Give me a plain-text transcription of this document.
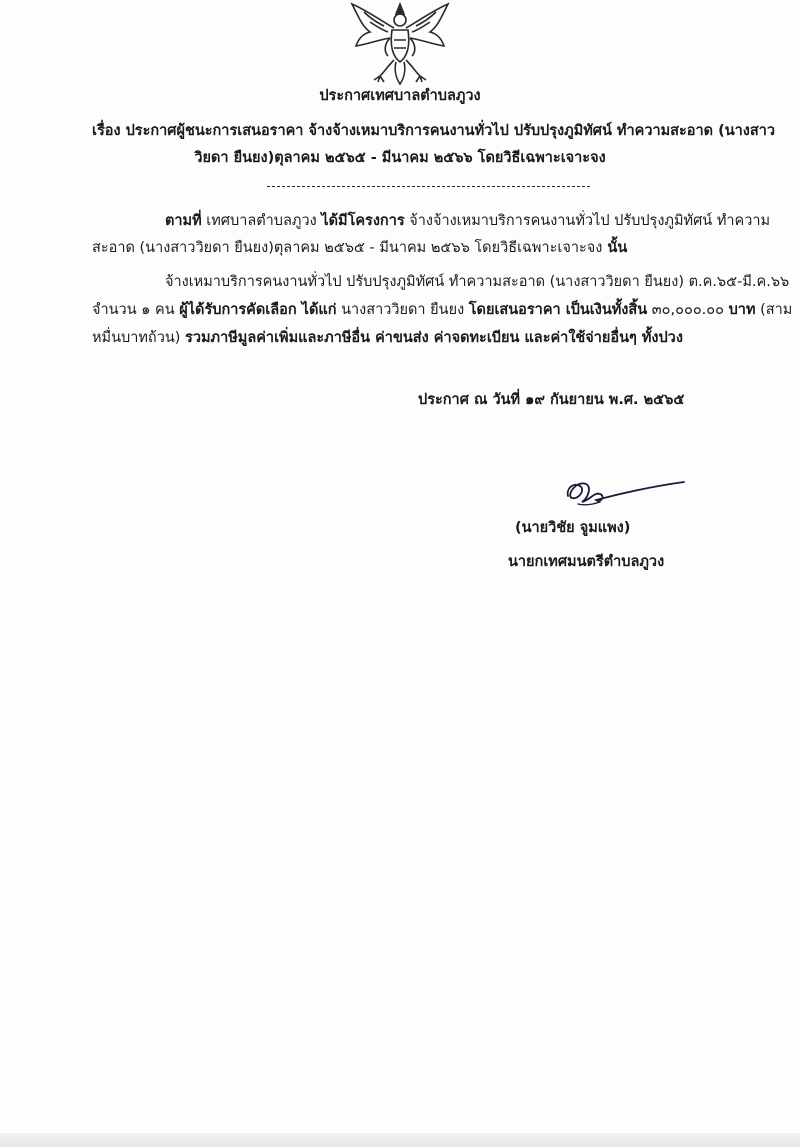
ประกาศเทศบาลตำบลภูวง
เรื่อง ประกาศผู้ชนะการเสนอราคา จ้างจ้างเหมาบริการคนงานทั่วไป ปรับปรุงภูมิทัศน์ ทำความสะอาด (นางสาว
วิยดา ยืนยง)ตุลาคม ๒๕๖๕ - มีนาคม ๒๕๖๖ โดยวิธีเฉพาะเจาะจง
ตามที่ เทศบาลตำบลภูวง ได้มีโครงการ จ้างจ้างเหมาบริการคนงานทั่วไป ปรับปรุงภูมิทัศน์ ทำความ
สะอาด (นางสาววิยดา ยืนยง)ตุลาคม ๒๕๖๕ - มีนาคม ๒๕๖๖ โดยวิธีเฉพาะเจาะจง นั้น
จ้างเหมาบริการคนงานทั่วไป ปรับปรุงภูมิทัศน์ ทำความสะอาด (นางสาววิยดา ยืนยง) ต.ค.๖๕-มี.ค.๖๖
จำนวน ๑ คน ผู้ได้รับการคัดเลือก ได้แก่ นางสาววิยดา ยืนยง โดยเสนอราคา เป็นเงินทั้งสิ้น ๓๐,๐๐๐.๐๐ บาท (สาม
หมื่นบาทถ้วน) รวมภาษีมูลค่าเพิ่มและภาษีอื่น ค่าขนส่ง ค่าจดทะเบียน และค่าใช้จ่ายอื่นๆ ทั้งปวง
ประกาศ ณ วันที่ ๑๙ กันยายน พ.ศ. ๒๕๖๕
(นายวิชัย จูมแพง)
นายกเทศมนตรีตำบลภูวง
